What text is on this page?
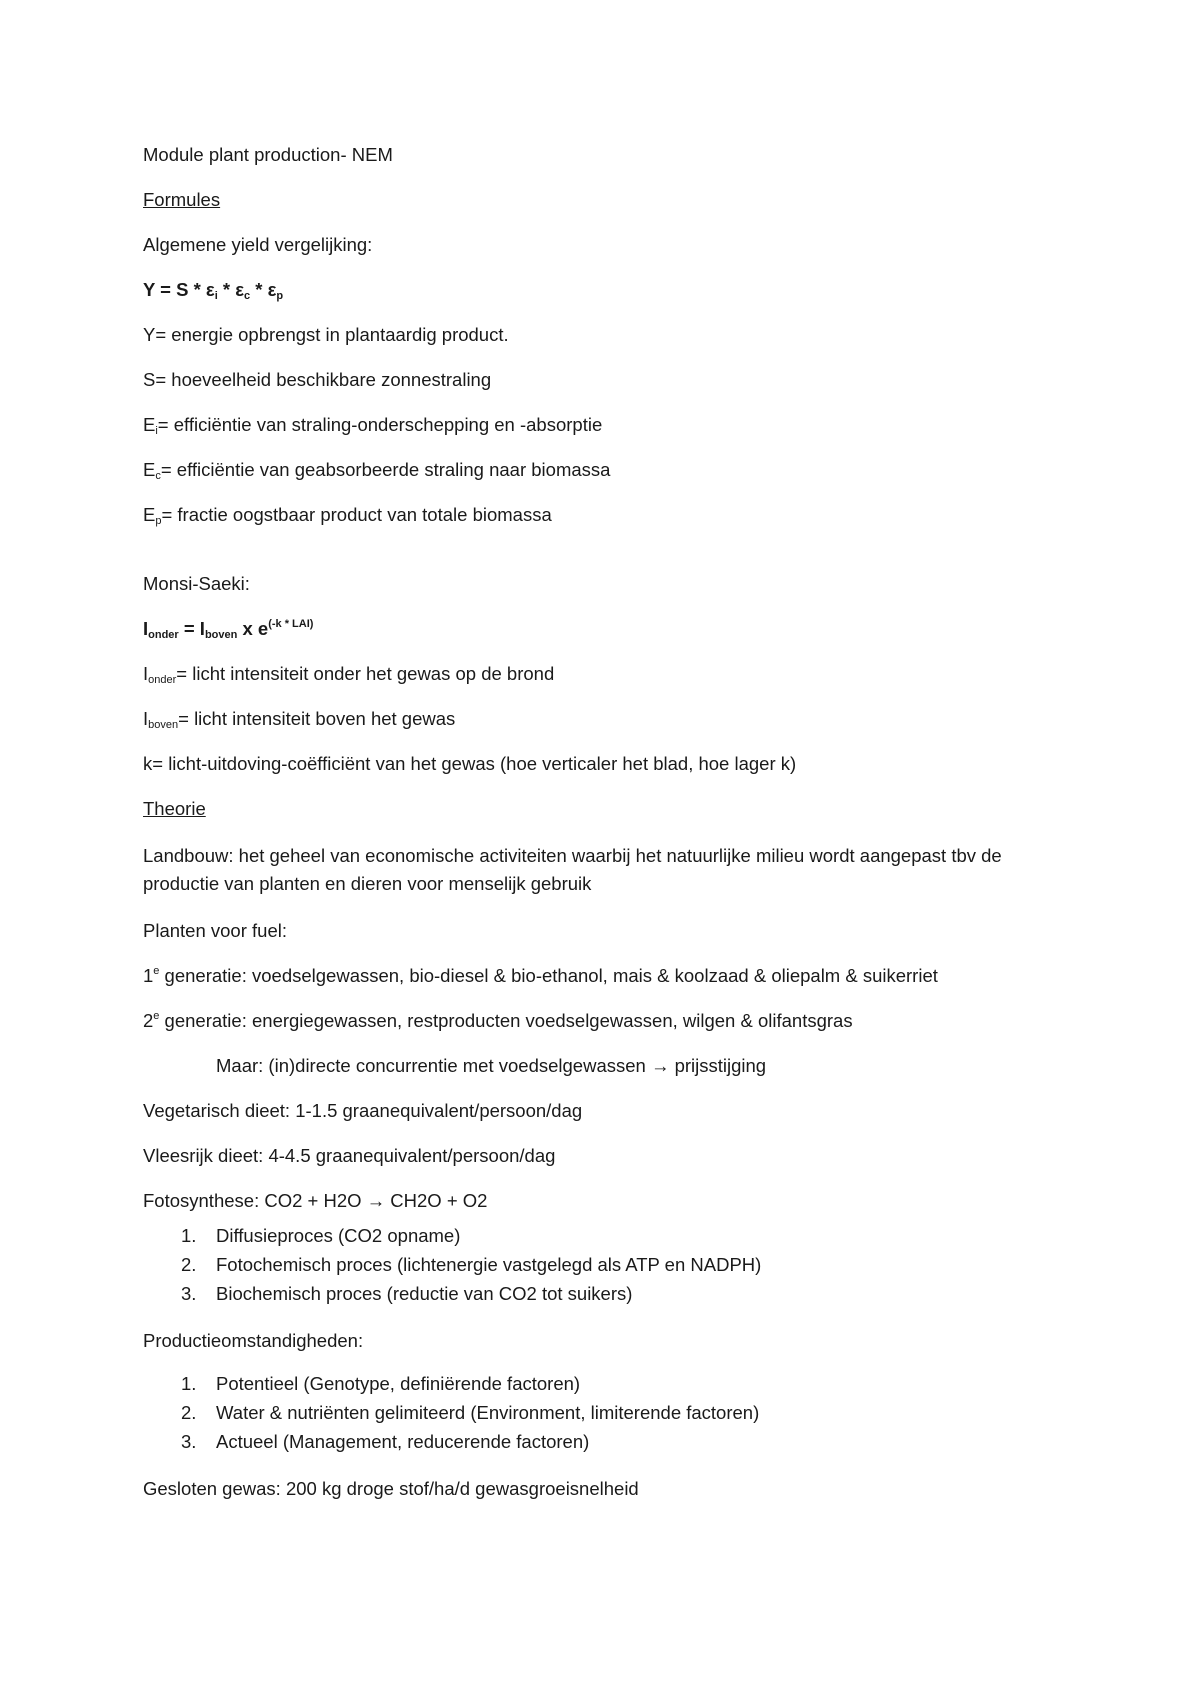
Module plant production- NEM

Formules

Algemene yield vergelijking:

$Y = S * \varepsilon_i * \varepsilon_c * \varepsilon_p$

Y= energie opbrengst in plantaardig product.

S= hoeveelheid beschikbare zonnestraling

$E_i=$ efficiëntie van straling-onderschepping en -absorptie

$E_c=$ efficiëntie van geabsorbeerde straling naar biomassa

$E_p=$ fractie oogstbaar product van totale biomassa

Monsi-Saeki:

$I_{onder} = I_{boven}$ x $e^{(-k * LAI)}$

$I_{onder}=$ licht intensiteit onder het gewas op de brond

$I_{boven}=$ licht intensiteit boven het gewas

k= licht-uitdoving-coëfficiënt van het gewas (hoe verticaler het blad, hoe lager k)

Theorie

Landbouw: het geheel van economische activiteiten waarbij het natuurlijke milieu wordt aangepast tbv de productie van planten en dieren voor menselijk gebruik

Planten voor fuel:

1e generatie: voedselgewassen, bio-diesel & bio-ethanol, mais & koolzaad & oliepalm & suikerriet

2e generatie: energiegewassen, restproducten voedselgewassen, wilgen & olifantsgras

Maar: (in)directe concurrentie met voedselgewassen → prijsstijging

Vegetarisch dieet: 1-1.5 graanequivalent/persoon/dag

Vleesrijk dieet: 4-4.5 graanequivalent/persoon/dag

Fotosynthese: CO2 + H2O → CH2O + O2

1. Diffusieproces (CO2 opname)
2. Fotochemisch proces (lichtenergie vastgelegd als ATP en NADPH)
3. Biochemisch proces (reductie van CO2 tot suikers)

Productieomstandigheden:

1. Potentieel (Genotype, definiërende factoren)
2. Water & nutriënten gelimiteerd (Environment, limiterende factoren)
3. Actueel (Management, reducerende factoren)

Gesloten gewas: 200 kg droge stof/ha/d gewasgroeisnelheid
